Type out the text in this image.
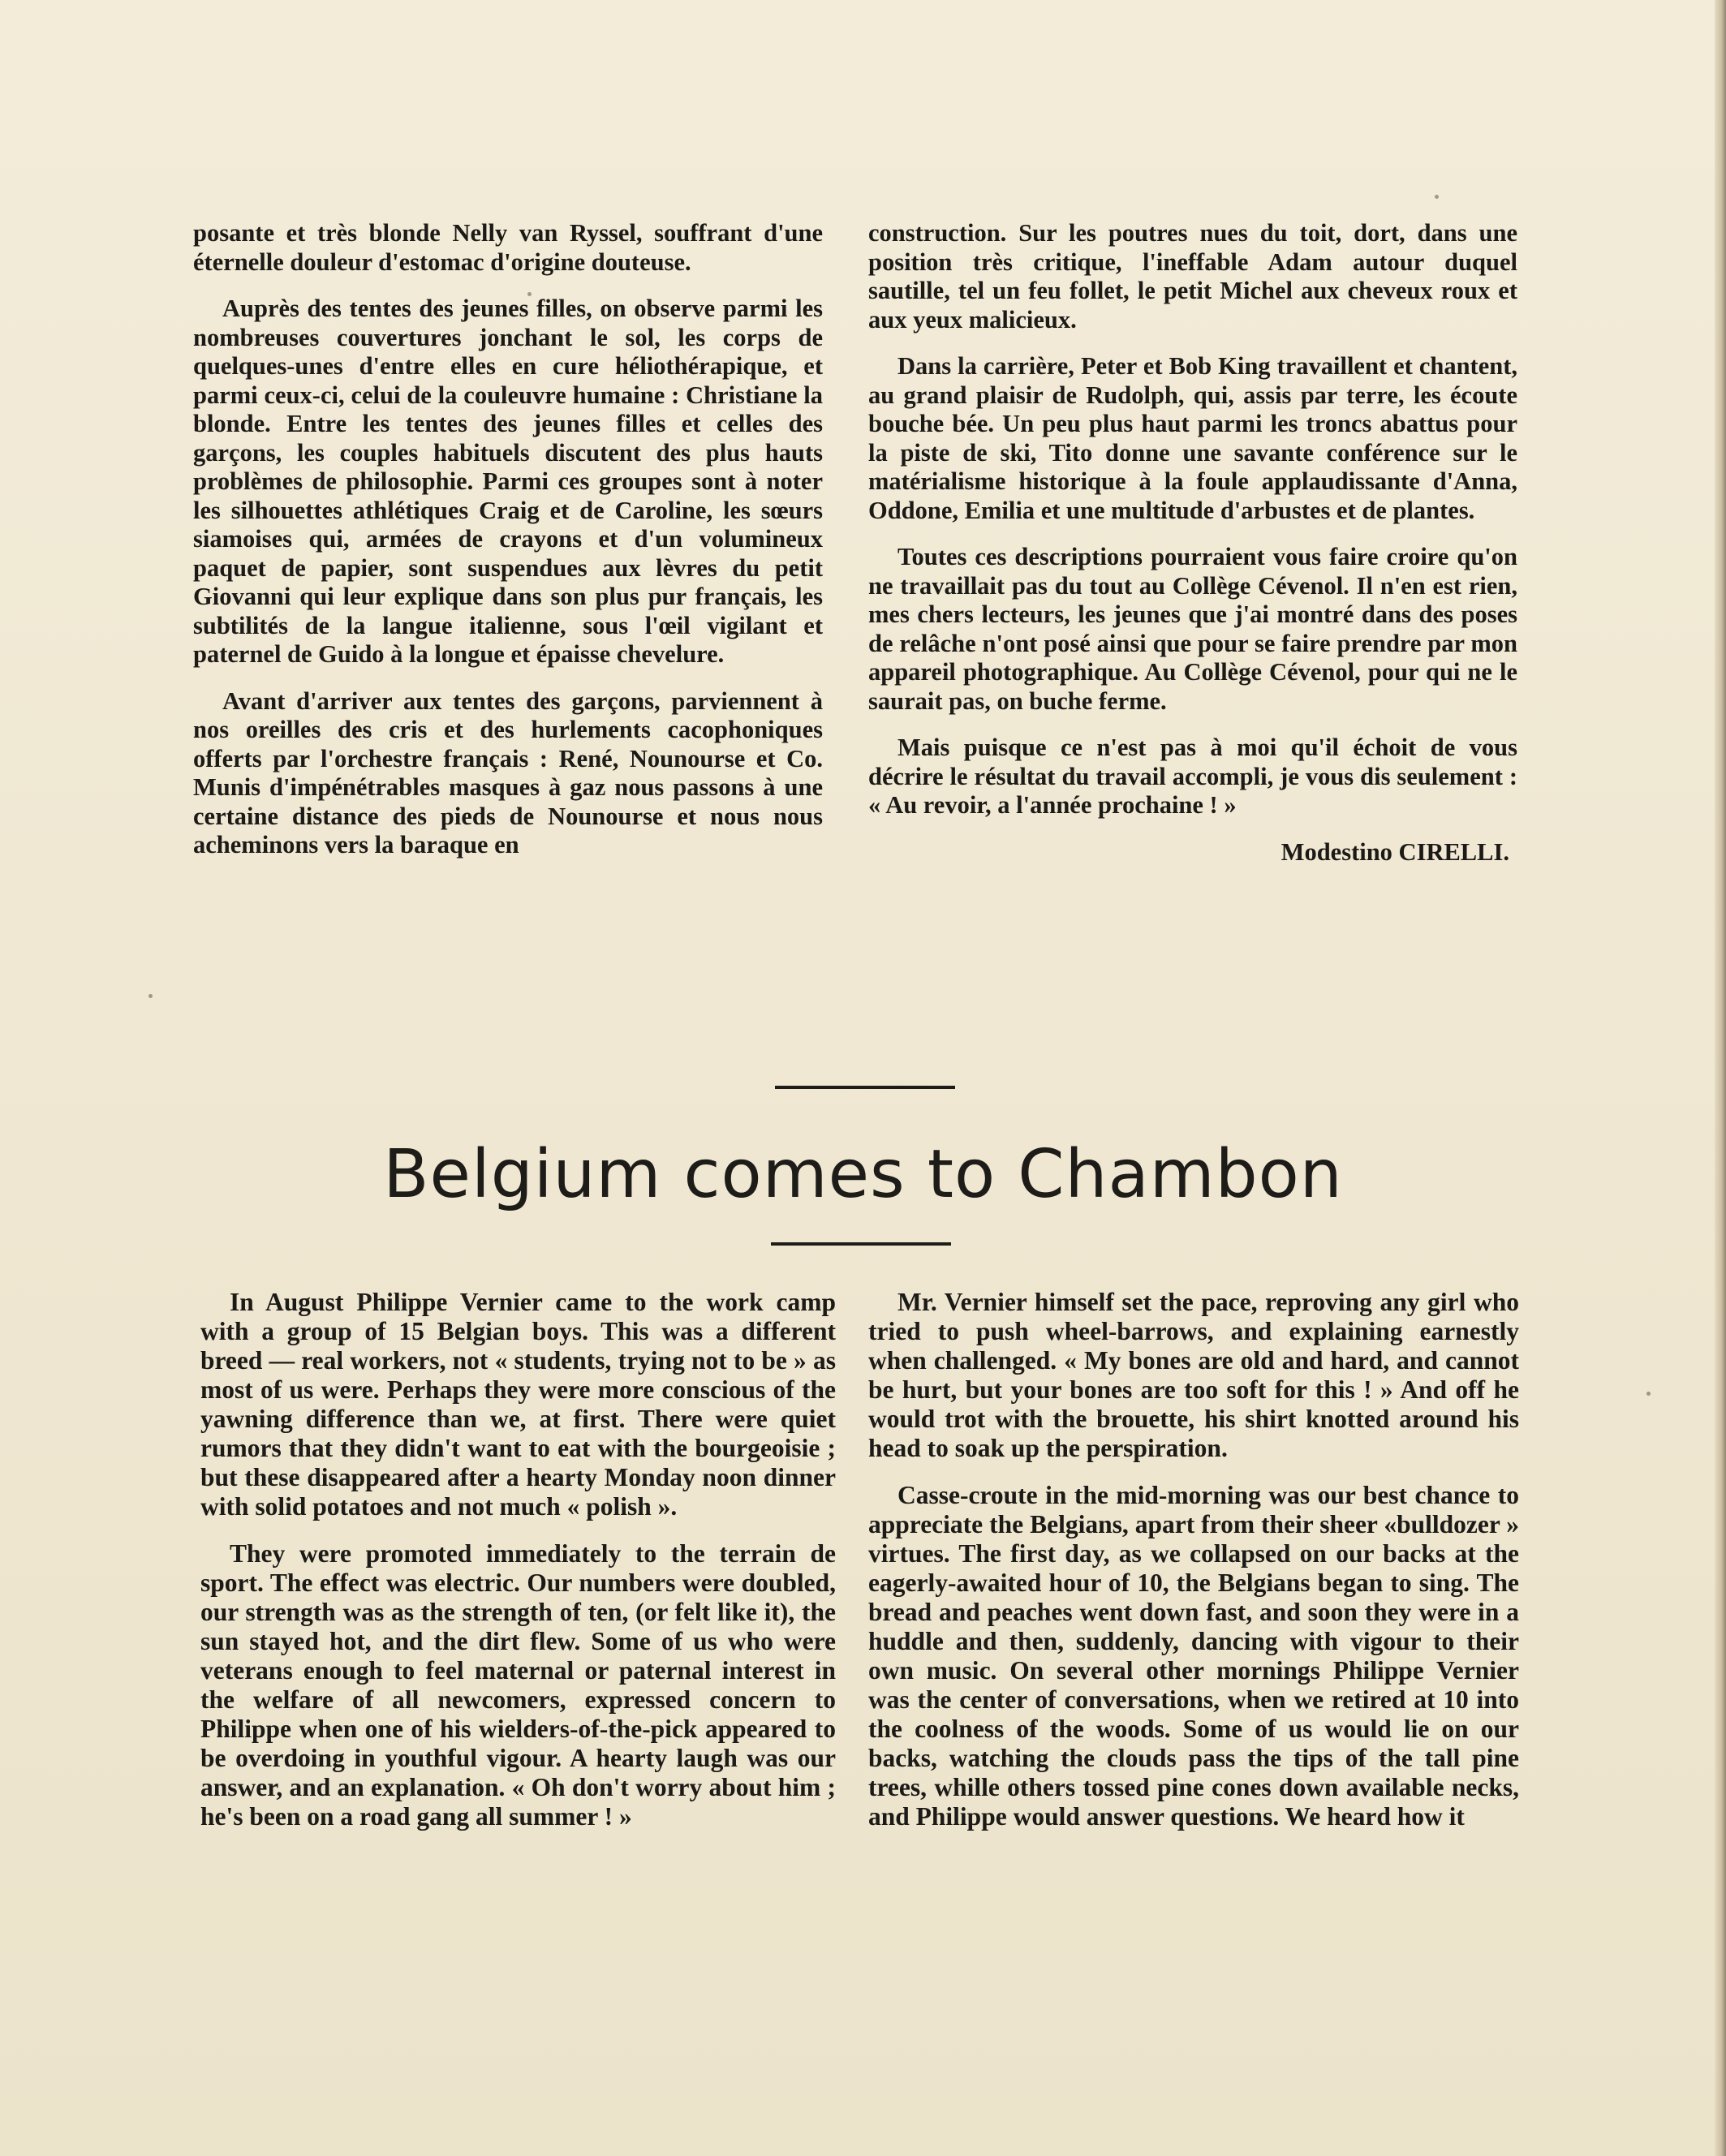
posante et très blonde Nelly van Ryssel, souffrant d'une éternelle douleur d'estomac d'origine douteuse.

Auprès des tentes des jeunes filles, on observe parmi les nombreuses couvertures jonchant le sol, les corps de quelques-unes d'entre elles en cure héliothérapique, et parmi ceux-ci, celui de la couleuvre humaine : Christiane la blonde. Entre les tentes des jeunes filles et celles des garçons, les couples habituels discutent des plus hauts problèmes de philosophie. Parmi ces groupes sont à noter les silhouettes athlétiques Craig et de Caroline, les sœurs siamoises qui, armées de crayons et d'un volumineux paquet de papier, sont suspendues aux lèvres du petit Giovanni qui leur explique dans son plus pur français, les subtilités de la langue italienne, sous l'œil vigilant et paternel de Guido à la longue et épaisse chevelure.

Avant d'arriver aux tentes des garçons, parviennent à nos oreilles des cris et des hurlements cacophoniques offerts par l'orchestre français : René, Nounourse et Co. Munis d'impénétrables masques à gaz nous passons à une certaine distance des pieds de Nounourse et nous nous acheminons vers la baraque en

construction. Sur les poutres nues du toit, dort, dans une position très critique, l'ineffable Adam autour duquel sautille, tel un feu follet, le petit Michel aux cheveux roux et aux yeux malicieux.

Dans la carrière, Peter et Bob King travaillent et chantent, au grand plaisir de Rudolph, qui, assis par terre, les écoute bouche bée. Un peu plus haut parmi les troncs abattus pour la piste de ski, Tito donne une savante conférence sur le matérialisme historique à la foule applaudissante d'Anna, Oddone, Emilia et une multitude d'arbustes et de plantes.

Toutes ces descriptions pourraient vous faire croire qu'on ne travaillait pas du tout au Collège Cévenol. Il n'en est rien, mes chers lecteurs, les jeunes que j'ai montré dans des poses de relâche n'ont posé ainsi que pour se faire prendre par mon appareil photographique. Au Collège Cévenol, pour qui ne le saurait pas, on buche ferme.

Mais puisque ce n'est pas à moi qu'il échoit de vous décrire le résultat du travail accompli, je vous dis seulement : « Au revoir, a l'année prochaine ! »

Modestino CIRELLI.

Belgium comes to Chambon

In August Philippe Vernier came to the work camp with a group of 15 Belgian boys. This was a different breed — real workers, not « students, trying not to be » as most of us were. Perhaps they were more conscious of the yawning difference than we, at first. There were quiet rumors that they didn't want to eat with the bourgeoisie ; but these disappeared after a hearty Monday noon dinner with solid potatoes and not much « polish ».

They were promoted immediately to the terrain de sport. The effect was electric. Our numbers were doubled, our strength was as the strength of ten, (or felt like it), the sun stayed hot, and the dirt flew. Some of us who were veterans enough to feel maternal or paternal interest in the welfare of all newcomers, expressed concern to Philippe when one of his wielders-of-the-pick appeared to be overdoing in youthful vigour. A hearty laugh was our answer, and an explanation. « Oh don't worry about him ; he's been on a road gang all summer ! »

Mr. Vernier himself set the pace, reproving any girl who tried to push wheel-barrows, and explaining earnestly when challenged. « My bones are old and hard, and cannot be hurt, but your bones are too soft for this ! » And off he would trot with the brouette, his shirt knotted around his head to soak up the perspiration.

Casse-croute in the mid-morning was our best chance to appreciate the Belgians, apart from their sheer «bulldozer » virtues. The first day, as we collapsed on our backs at the eagerly-awaited hour of 10, the Belgians began to sing. The bread and peaches went down fast, and soon they were in a huddle and then, suddenly, dancing with vigour to their own music. On several other mornings Philippe Vernier was the center of conversations, when we retired at 10 into the coolness of the woods. Some of us would lie on our backs, watching the clouds pass the tips of the tall pine trees, whille others tossed pine cones down available necks, and Philippe would answer questions. We heard how it
